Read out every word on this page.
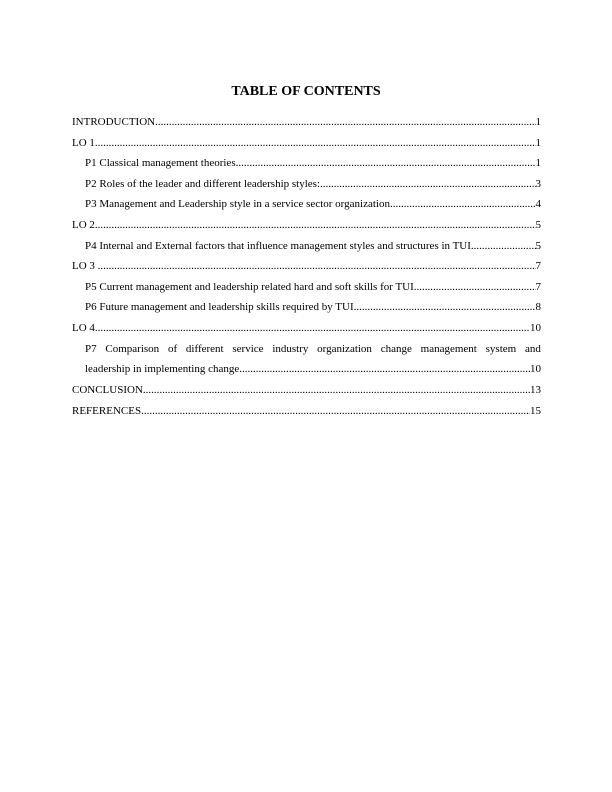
TABLE OF CONTENTS
INTRODUCTION .....	1
LO 1 .....	1
P1 Classical management theories .....	1
P2 Roles of the leader and different leadership styles: .....	3
P3 Management and Leadership style in a service sector organization .....	4
LO 2 .....	5
P4 Internal and External factors that influence management styles and structures in TUI .....	5
LO 3 .....	7
P5 Current management and leadership related hard and soft skills for TUI .....	7
P6 Future management and leadership skills required by TUI .....	8
LO 4 .....	10
P7 Comparison of different service industry organization change management system and
leadership in implementing change .....	10
CONCLUSION .....	13
REFERENCES .....	15
